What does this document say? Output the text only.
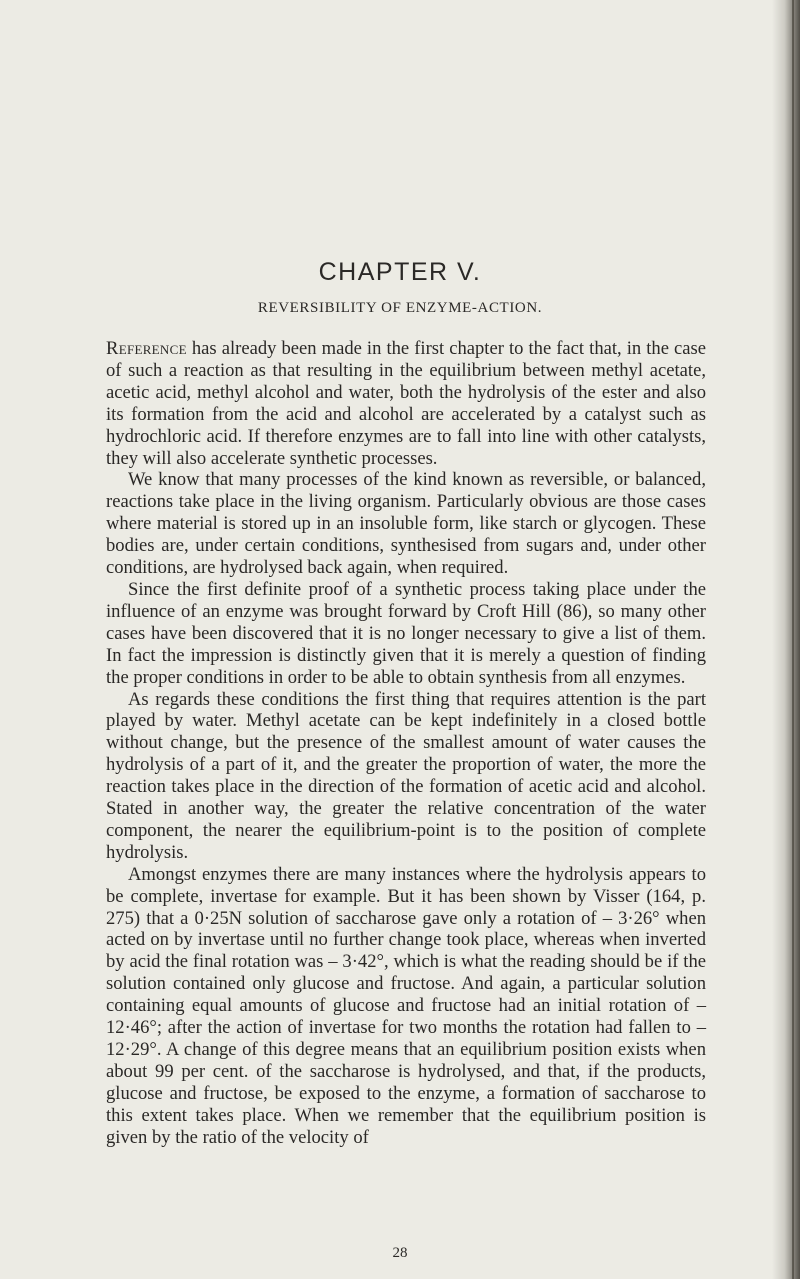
CHAPTER V.
REVERSIBILITY OF ENZYME-ACTION.

Reference has already been made in the first chapter to the fact that, in the case of such a reaction as that resulting in the equilibrium between methyl acetate, acetic acid, methyl alcohol and water, both the hydrolysis of the ester and also its formation from the acid and alcohol are accelerated by a catalyst such as hydrochloric acid. If therefore enzymes are to fall into line with other catalysts, they will also accelerate synthetic processes.

We know that many processes of the kind known as reversible, or balanced, reactions take place in the living organism. Particularly obvious are those cases where material is stored up in an insoluble form, like starch or glycogen. These bodies are, under certain conditions, synthesised from sugars and, under other conditions, are hydrolysed back again, when required.

Since the first definite proof of a synthetic process taking place under the influence of an enzyme was brought forward by Croft Hill (86), so many other cases have been discovered that it is no longer necessary to give a list of them. In fact the impression is distinctly given that it is merely a question of finding the proper conditions in order to be able to obtain synthesis from all enzymes.

As regards these conditions the first thing that requires attention is the part played by water. Methyl acetate can be kept indefinitely in a closed bottle without change, but the presence of the smallest amount of water causes the hydrolysis of a part of it, and the greater the proportion of water, the more the reaction takes place in the direction of the formation of acetic acid and alcohol. Stated in another way, the greater the relative concentration of the water component, the nearer the equilibrium-point is to the position of complete hydrolysis.

Amongst enzymes there are many instances where the hydrolysis appears to be complete, invertase for example. But it has been shown by Visser (164, p. 275) that a 0·25N solution of saccharose gave only a rotation of – 3·26° when acted on by invertase until no further change took place, whereas when inverted by acid the final rotation was – 3·42°, which is what the reading should be if the solution contained only glucose and fructose. And again, a particular solution containing equal amounts of glucose and fructose had an initial rotation of – 12·46°; after the action of invertase for two months the rotation had fallen to – 12·29°. A change of this degree means that an equilibrium position exists when about 99 per cent. of the saccharose is hydrolysed, and that, if the products, glucose and fructose, be exposed to the enzyme, a formation of saccharose to this extent takes place. When we remember that the equilibrium position is given by the ratio of the velocity of

28
